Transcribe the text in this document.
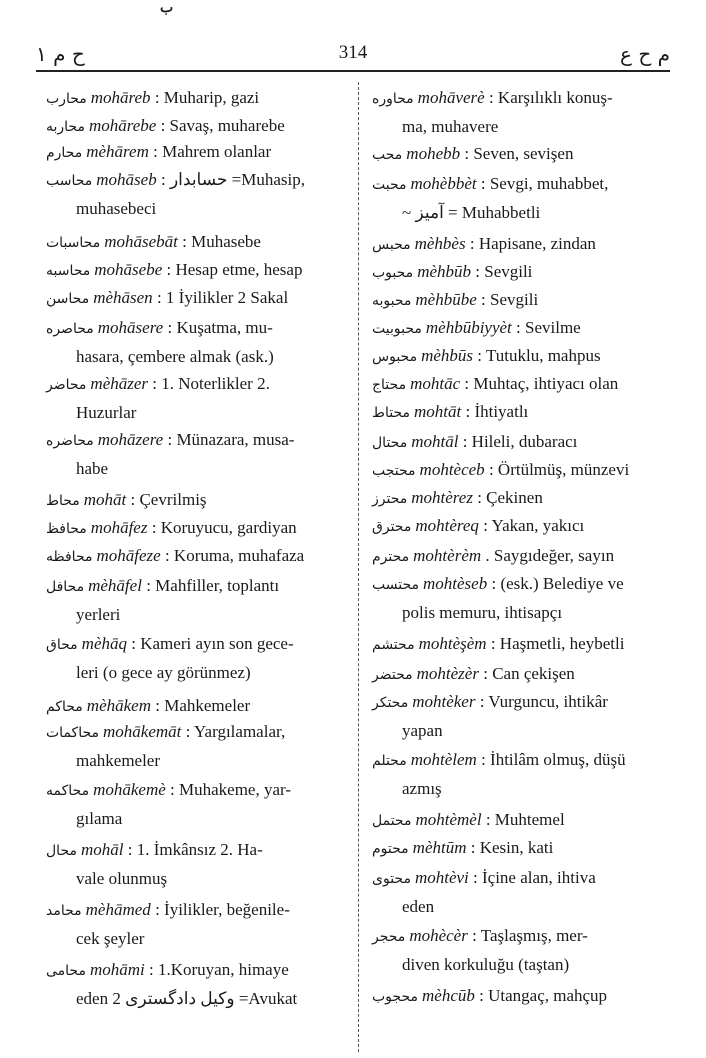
ب
ح م ۱	314	م ح ع
محارب mohāreb : Muharip, gazi
محاربه mohārebe : Savaş, muharebe
محارم mèhārem : Mahrem olanlar
محاسب mohāseb : حسابدار =Muhasip,
muhasebeci
محاسبات mohāsebāt : Muhasebe
محاسبه mohāsebe : Hesap etme, hesap
محاسن mèhāsen : 1 İyilikler 2 Sakal
محاصره mohāsere : Kuşatma, mu-
hasara, çembere almak (ask.)
محاضر mèhāzer : 1. Noterlikler 2.
Huzurlar
محاضره mohāzere : Münazara, musa-
habe
محاط mohāt : Çevrilmiş
محافظ mohāfez : Koruyucu, gardiyan
محافظه mohāfeze : Koruma, muhafaza
محافل mèhāfel : Mahfiller, toplantı
yerleri
محاق mèhāq : Kameri ayın son gece-
leri (o gece ay görünmez)
محاكم mèhākem : Mahkemeler
محاكمات mohākemāt : Yargılamalar,
mahkemeler
محاكمه mohākemè : Muhakeme, yar-
gılama
محال mohāl : 1. İmkânsız 2. Ha-
vale olunmuş
محامد mèhāmed : İyilikler, beğenile-
cek şeyler
محامى mohāmi : 1.Koruyan, himaye
eden 2 وكيل دادگسترى =Avukat
محاوره mohāverè : Karşılıklı konuş-
ma, muhavere
محب mohebb : Seven, sevişen
محبت mohèbbèt : Sevgi, muhabbet,
~ آميز = Muhabbetli
محبس mèhbès : Hapisane, zindan
محبوب mèhbūb : Sevgili
محبوبه mèhbūbe : Sevgili
محبوبيت mèhbūbiyyèt : Sevilme
محبوس mèhbūs : Tutuklu, mahpus
محتاج mohtāc : Muhtaç, ihtiyacı olan
محتاط mohtāt : İhtiyatlı
محتال mohtāl : Hileli, dubaracı
محتجب mohtèceb : Örtülmüş, münzevi
محترز mohtèrez : Çekinen
محترق mohtèreq : Yakan, yakıcı
محترم mohtèrèm . Saygıdeğer, sayın
محتسب mohtèseb : (esk.) Belediye ve
polis memuru, ihtisapçı
محتشم mohtèşèm : Haşmetli, heybetli
محتضر mohtèzèr : Can çekişen
محتكر mohtèker : Vurguncu, ihtikâr
yapan
محتلم mohtèlem : İhtilâm olmuş, düşü
azmış
محتمل mohtèmèl : Muhtemel
محتوم mèhtūm : Kesin, kati
محتوى mohtèvi : İçine alan, ihtiva
eden
محجر mohècèr : Taşlaşmış, mer-
diven korkuluğu (taştan)
محجوب mèhcūb : Utangaç, mahçup
